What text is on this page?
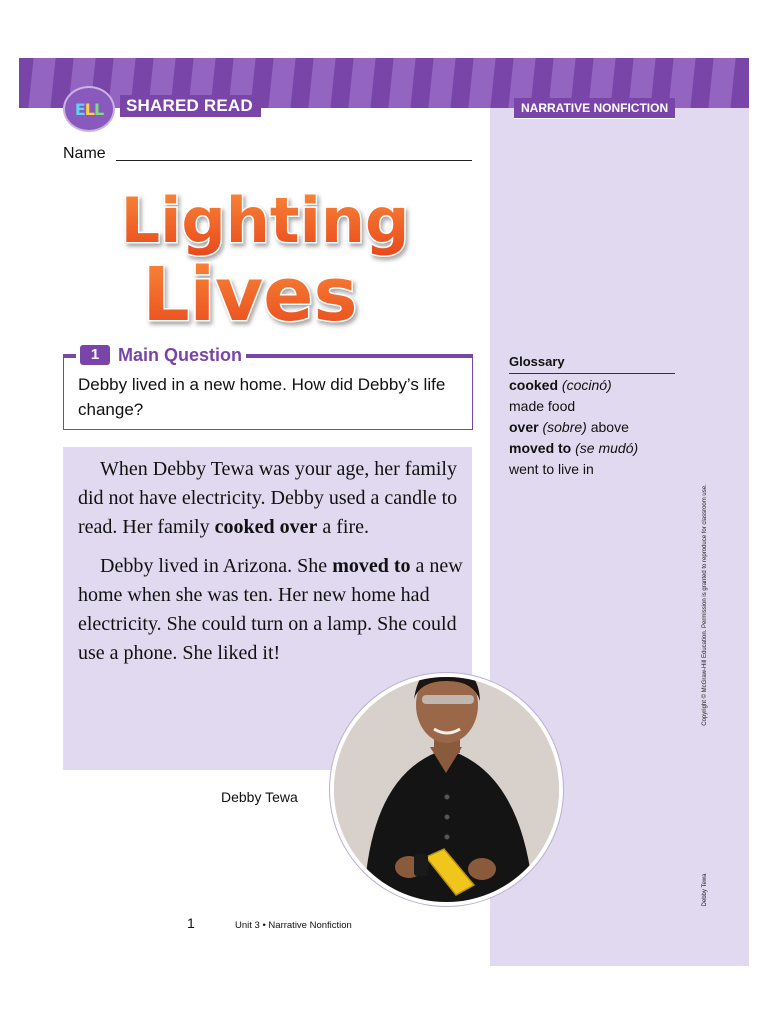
ELL	SHARED READ	NARRATIVE NONFICTION
Name
Lighting
Lives
1	Main Question
Debby lived in a new home. How did Debby’s life change?

When Debby Tewa was your age, her family did not have electricity. Debby used a candle to read. Her family cooked over a fire.

Debby lived in Arizona. She moved to a new home when she was ten. Her new home had electricity. She could turn on a lamp. She could use a phone. She liked it!

Debby Tewa
Glossary
cooked (cocinó)
made food
over (sobre) above
moved to (se mudó)
went to live in
Copyright © McGraw-Hill Education. Permission is granted to reproduce for classroom use.
Debby Tewa
1	Unit 3 • Narrative Nonfiction
